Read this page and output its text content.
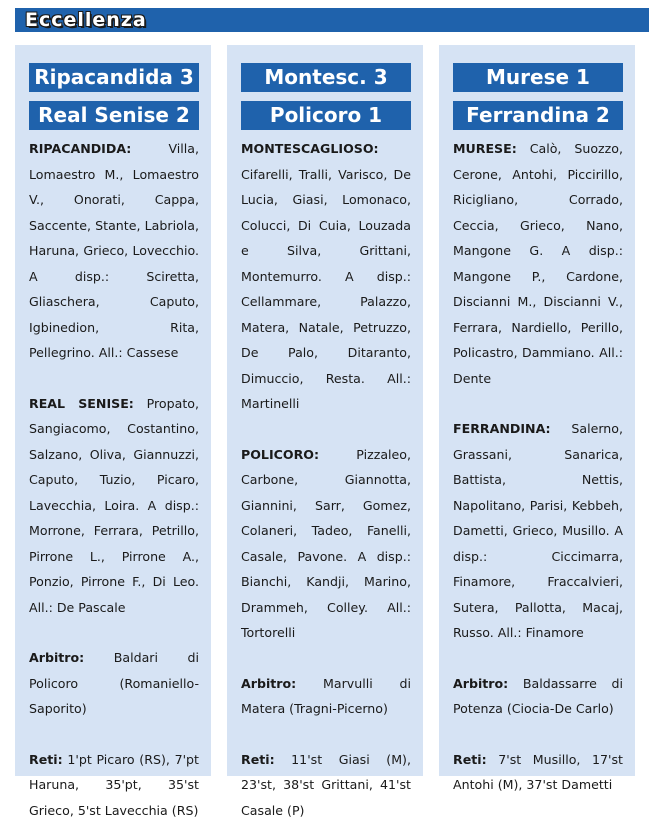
Eccellenza
Ripacandida 3
Real Senise 2

RIPACANDIDA:	Villa, Lomaestro M., Lomaestro V., Onorati, Cappa, Saccente, Stante, Labriola, Haruna, Grieco, Lovecchio. A disp.: Sciretta, Gliaschera, Caputo, Igbinedion, Rita, Pellegrino. All.: Cassese

REAL SENISE: Propato, Sangiacomo, Costantino, Salzano, Oliva, Giannuzzi, Caputo, Tuzio, Picaro, Lavecchia, Loira. A disp.: Morrone, Ferrara, Petrillo, Pirrone L., Pirrone A., Ponzio, Pirrone F., Di Leo. All.: De Pascale

Arbitro: Baldari di Policoro (Romaniello-Saporito)

Reti: 1'pt Picaro (RS), 7'pt Haruna, 35'pt, 35'st Grieco, 5'st Lavecchia (RS)

Montesc. 3
Policoro 1

MONTESCAGLIOSO: Cifarelli, Tralli, Varisco, De Lucia, Giasi, Lomonaco, Colucci, Di Cuia, Louzada e Silva, Grittani, Montemurro. A disp.: Cellammare, Palazzo, Matera, Natale, Petruzzo, De Palo, Ditaranto, Dimuccio, Resta. All.: Martinelli

POLICORO:	Pizzaleo, Carbone, Giannotta, Giannini, Sarr, Gomez, Colaneri, Tadeo, Fanelli, Casale, Pavone. A disp.: Bianchi, Kandji, Marino, Drammeh, Colley. All.: Tortorelli

Arbitro: Marvulli di Matera (Tragni-Picerno)

Reti: 11'st Giasi (M), 23'st, 38'st Grittani, 41'st Casale (P)

Murese 1
Ferrandina 2

MURESE: Calò, Suozzo, Cerone, Antohi, Piccirillo, Ricigliano, Corrado, Ceccia, Grieco, Nano, Mangone G. A disp.: Mangone P., Cardone, Discianni M., Discianni V., Ferrara, Nardiello, Perillo, Policastro, Dammiano. All.: Dente

FERRANDINA: Salerno, Grassani, Sanarica, Battista, Nettis, Napolitano, Parisi, Kebbeh, Dametti, Grieco, Musillo. A disp.: Ciccimarra, Finamore, Fraccalvieri, Sutera, Pallotta, Macaj, Russo. All.: Finamore

Arbitro: Baldassarre di Potenza (Ciocia-De Carlo)

Reti: 7'st Musillo, 17'st Antohi (M), 37'st Dametti
